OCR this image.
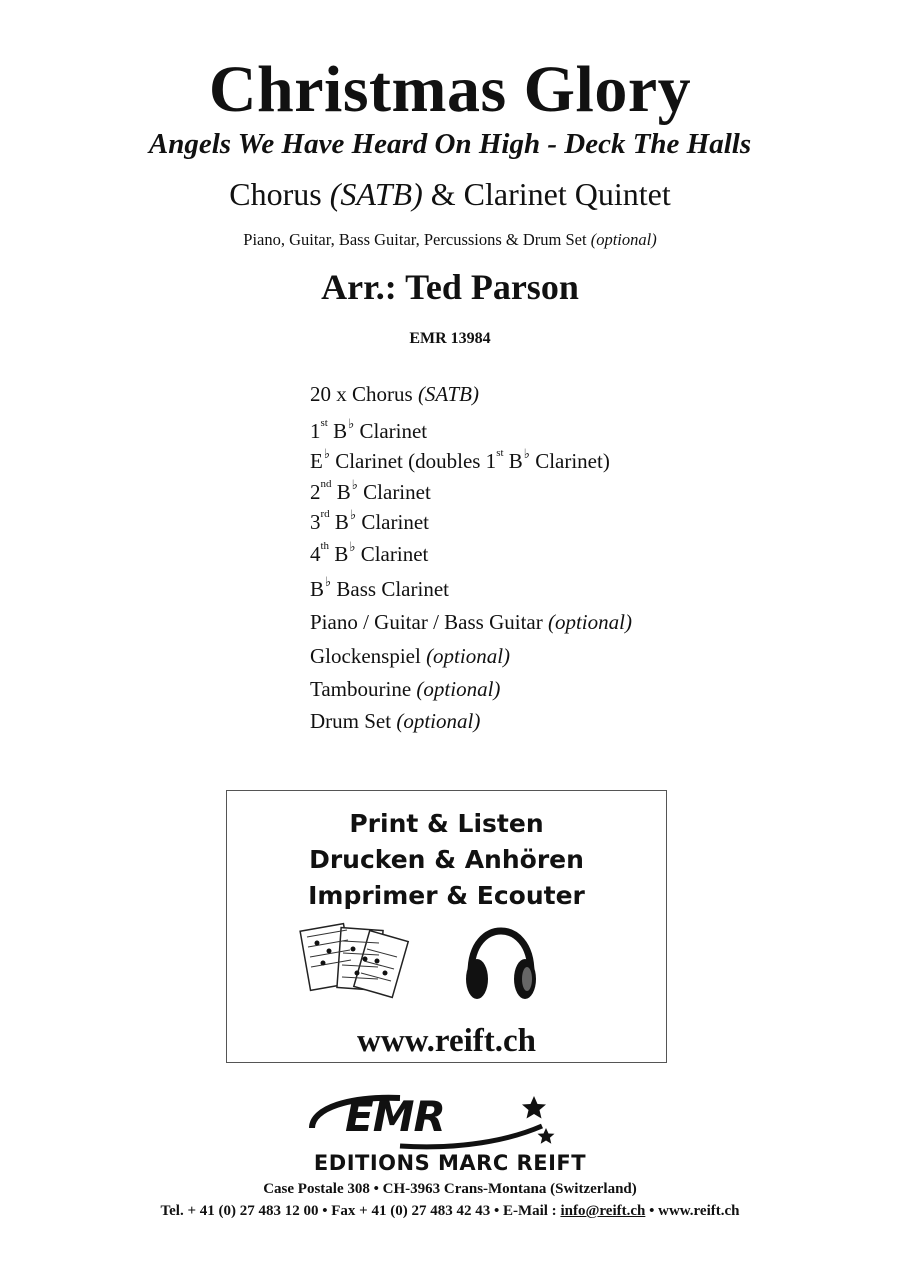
Christmas Glory
Angels We Have Heard On High - Deck The Halls
Chorus (SATB) & Clarinet Quintet
Piano, Guitar, Bass Guitar, Percussions & Drum Set (optional)
Arr.: Ted Parson
EMR 13984
20 x Chorus (SATB)
1st B♭ Clarinet
E♭ Clarinet (doubles 1st B♭ Clarinet)
2nd B♭ Clarinet
3rd B♭ Clarinet
4th B♭ Clarinet
B♭ Bass Clarinet
Piano / Guitar / Bass Guitar (optional)
Glockenspiel (optional)
Tambourine (optional)
Drum Set (optional)
Print & Listen
Drucken & Anhören
Imprimer & Ecouter
www.reift.ch
EMR
EDITIONS MARC REIFT
Case Postale 308 • CH-3963 Crans-Montana (Switzerland)
Tel. + 41 (0) 27 483 12 00 • Fax + 41 (0) 27 483 42 43 • E-Mail : info@reift.ch • www.reift.ch
